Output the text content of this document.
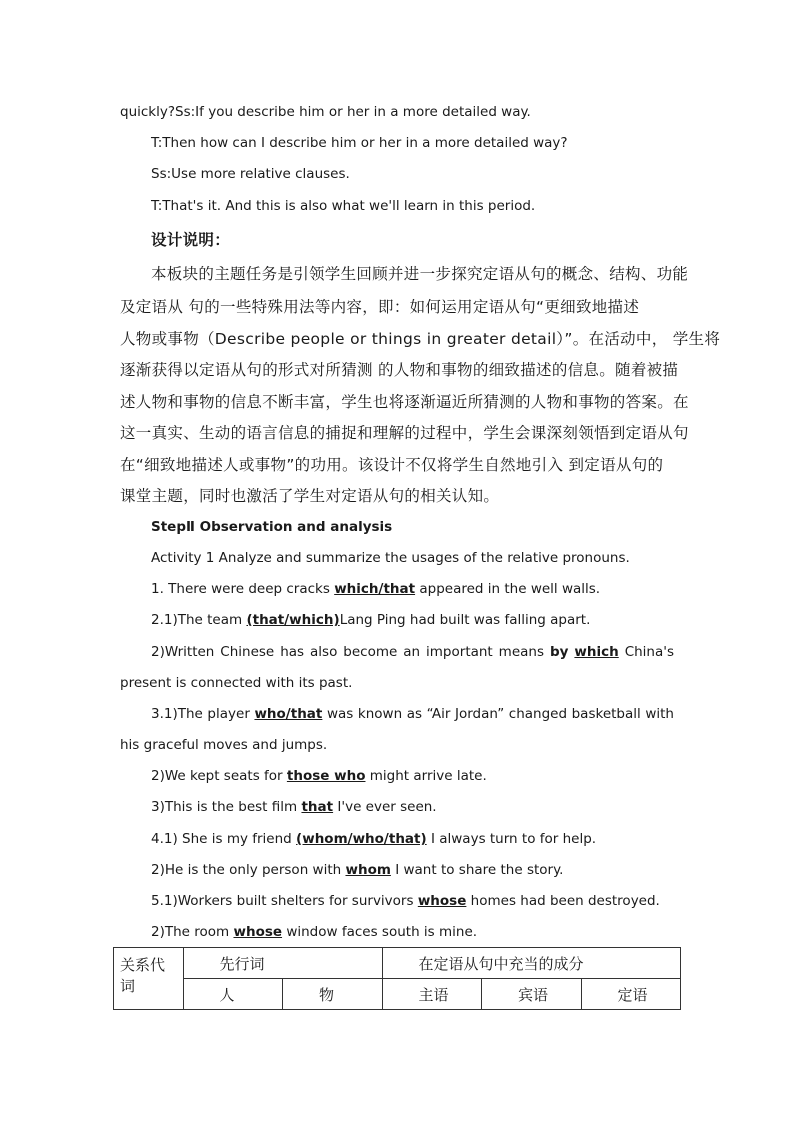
quickly?Ss:If you describe him or her in a more detailed way.
T:Then how can I describe him or her in a more detailed way?
Ss:Use more relative clauses.
T:That's it. And this is also what we'll learn in this period.
设计说明：
本板块的主题任务是引领学生回顾并进一步探究定语从句的概念、结构、功能
及定语从 句的一些特殊用法等内容，即：如何运用定语从句“更细致地描述
人物或事物（Describe people or things in greater detail）”。在活动中， 学生将
逐渐获得以定语从句的形式对所猜测 的人物和事物的细致描述的信息。随着被描
述人物和事物的信息不断丰富，学生也将逐渐逼近所猜测的人物和事物的答案。在
这一真实、生动的语言信息的捕捉和理解的过程中，学生会课深刻领悟到定语从句
在“细致地描述人或事物”的功用。该设计不仅将学生自然地引入 到定语从句的
课堂主题，同时也激活了学生对定语从句的相关认知。
StepⅡ Observation and analysis
Activity 1 Analyze and summarize the usages of the relative pronouns.
1. There were deep cracks which/that appeared in the well walls.
2.1)The team (that/which)Lang Ping had built was falling apart.
2)Written Chinese has also become an important means by which China's
present is connected with its past.
3.1)The player who/that was known as “Air Jordan” changed basketball with
his graceful moves and jumps.
2)We kept seats for those who might arrive late.
3)This is the best film that I've ever seen.
4.1) She is my friend (whom/who/that) I always turn to for help.
2)He is the only person with whom I want to share the story.
5.1)Workers built shelters for survivors whose homes had been destroyed.
2)The room whose window faces south is mine.
关系代词	先行词		在定语从句中充当的成分		
	人	物	主语	宾语	定语
